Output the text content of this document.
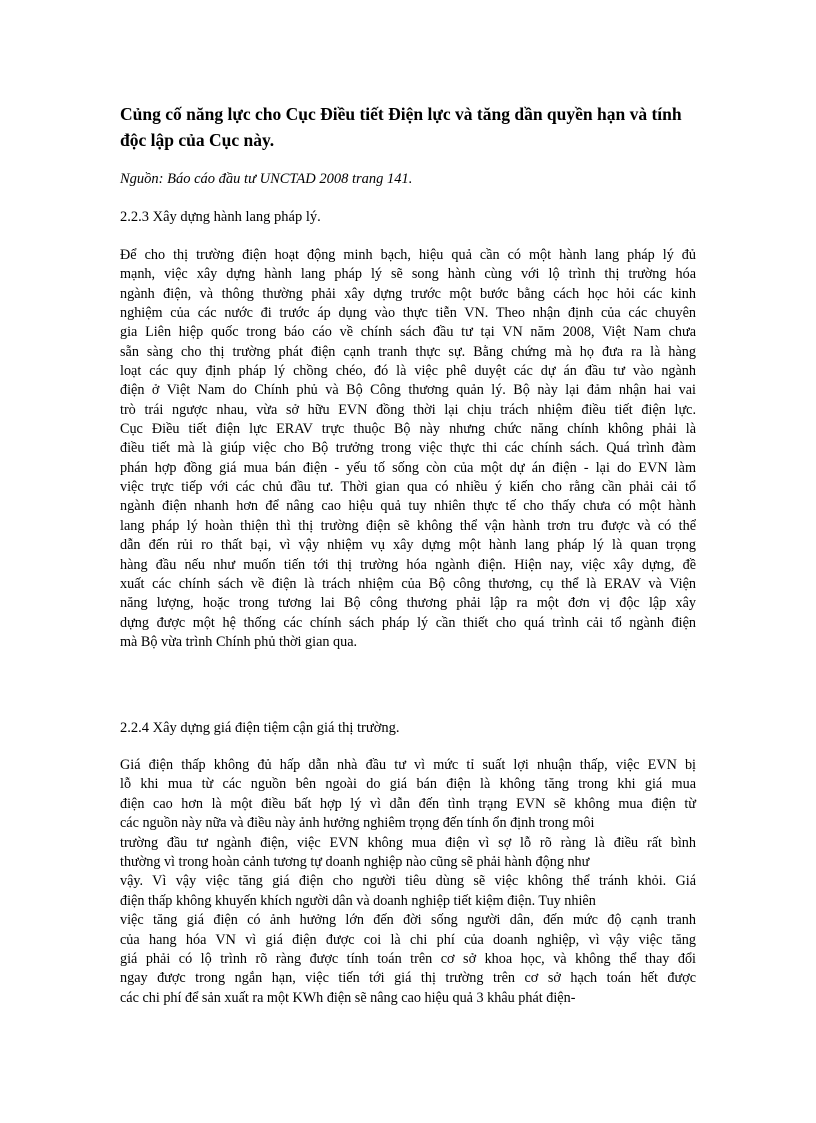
Củng cố năng lực cho Cục Điều tiết Điện lực và tăng dần quyền hạn và tính độc lập của Cục này.

Nguồn: Báo cáo đầu tư UNCTAD 2008 trang 141.

2.2.3 Xây dựng hành lang pháp lý.

Để cho thị trường điện hoạt động minh bạch, hiệu quả cần có một hành lang pháp lý đủ
mạnh, việc xây dựng hành lang pháp lý sẽ song hành cùng với lộ trình thị trường hóa
ngành điện, và thông thường phải xây dựng trước một bước bằng cách học hỏi các kinh
nghiệm của các nước đi trước áp dụng vào thực tiễn VN. Theo nhận định của các chuyên
gia Liên hiệp quốc trong báo cáo về chính sách đầu tư tại VN năm 2008, Việt Nam chưa
sẵn sàng cho thị trường phát điện cạnh tranh thực sự. Bằng chứng mà họ đưa ra là hàng
loạt các quy định pháp lý chồng chéo, đó là việc phê duyệt các dự án đầu tư vào ngành
điện ở Việt Nam do Chính phủ và Bộ Công thương quản lý. Bộ này lại đảm nhận hai vai
trò trái ngược nhau, vừa sở hữu EVN đồng thời lại chịu trách nhiệm điều tiết điện lực.
Cục Điều tiết điện lực ERAV trực thuộc Bộ này nhưng chức năng chính không phải là
điều tiết mà là giúp việc cho Bộ trưởng trong việc thực thi các chính sách. Quá trình đàm
phán hợp đồng giá mua bán điện - yếu tố sống còn của một dự án điện - lại do EVN làm
việc trực tiếp với các chủ đầu tư. Thời gian qua có nhiều ý kiến cho rằng cần phải cải tổ
ngành điện nhanh hơn để nâng cao hiệu quả tuy nhiên thực tế cho thấy chưa có một hành
lang pháp lý hoàn thiện thì thị trường điện sẽ không thể vận hành trơn tru được và có thể
dẫn đến rủi ro thất bại, vì vậy nhiệm vụ xây dựng một hành lang pháp lý là quan trọng
hàng đầu nếu như muốn tiến tới thị trường hóa ngành điện. Hiện nay, việc xây dựng, đề
xuất các chính sách về điện là trách nhiệm của Bộ công thương, cụ thể là ERAV và Viện
năng lượng, hoặc trong tương lai Bộ công thương phải lập ra một đơn vị độc lập xây
dựng được một hệ thống các chính sách pháp lý cần thiết cho quá trình cải tổ ngành điện
mà Bộ vừa trình Chính phủ thời gian qua.

2.2.4 Xây dựng giá điện tiệm cận giá thị trường.

Giá điện thấp không đủ hấp dẫn nhà đầu tư vì mức tỉ suất lợi nhuận thấp, việc EVN bị
lỗ khi mua từ các nguồn bên ngoài do giá bán điện là không tăng trong khi giá mua
điện cao hơn là một điều bất hợp lý vì dẫn đến tình trạng EVN sẽ không mua điện từ
các nguồn này nữa và điều này ảnh hưởng nghiêm trọng đến tính ổn định trong môi
trường đầu tư ngành điện, việc EVN không mua điện vì sợ lỗ rõ ràng là điều rất bình
thường vì trong hoàn cảnh tương tự doanh nghiệp nào cũng sẽ phải hành động như
vậy. Vì vậy việc tăng giá điện cho người tiêu dùng sẽ việc không thể tránh khỏi. Giá
điện thấp không khuyến khích người dân và doanh nghiệp tiết kiệm điện. Tuy nhiên
việc tăng giá điện có ảnh hưởng lớn đến đời sống người dân, đến mức độ cạnh tranh
của hang hóa VN vì giá điện được coi là chi phí của doanh nghiệp, vì vậy việc tăng
giá phải có lộ trình rõ ràng được tính toán trên cơ sở khoa học, và không thể thay đổi
ngay được trong ngắn hạn, việc tiến tới giá thị trường trên cơ sở hạch toán hết được
các chi phí để sản xuất ra một KWh điện sẽ nâng cao hiệu quả 3 khâu phát điện-
